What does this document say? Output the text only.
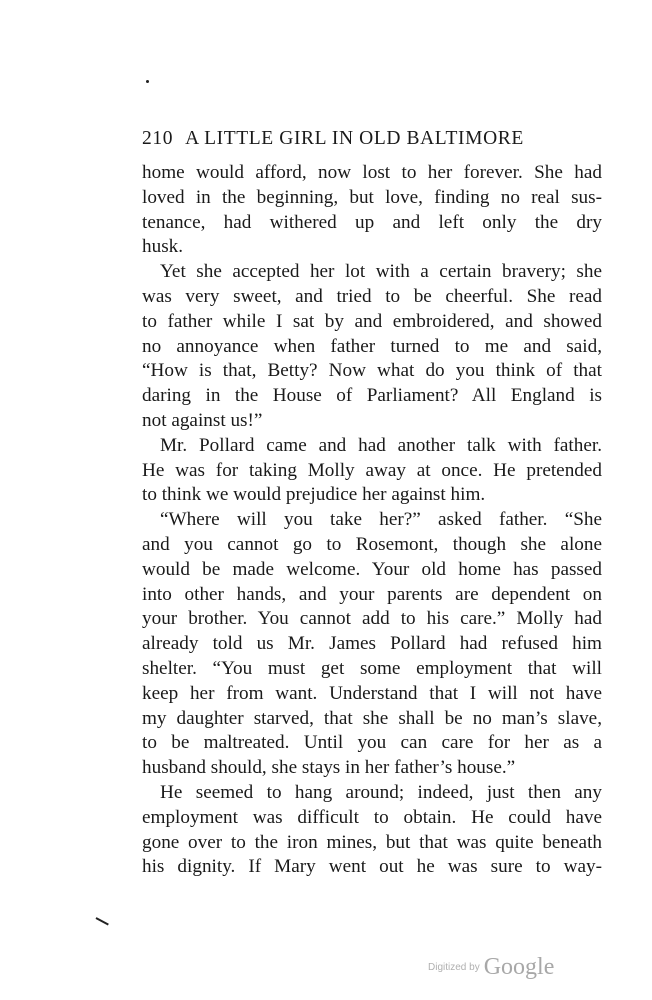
210 A LITTLE GIRL IN OLD BALTIMORE
home would afford, now lost to her forever. She had
loved in the beginning, but love, finding no real sus-
tenance, had withered up and left only the dry
husk.
Yet she accepted her lot with a certain bravery; she
was very sweet, and tried to be cheerful. She read
to father while I sat by and embroidered, and showed
no annoyance when father turned to me and said,
“How is that, Betty? Now what do you think of that
daring in the House of Parliament? All England is
not against us!”
Mr. Pollard came and had another talk with father.
He was for taking Molly away at once. He pretended
to think we would prejudice her against him.
“Where will you take her?” asked father. “She
and you cannot go to Rosemont, though she alone
would be made welcome. Your old home has passed
into other hands, and your parents are dependent on
your brother. You cannot add to his care.” Molly had
already told us Mr. James Pollard had refused him
shelter. “You must get some employment that will
keep her from want. Understand that I will not have
my daughter starved, that she shall be no man’s slave,
to be maltreated. Until you can care for her as a
husband should, she stays in her father’s house.”
He seemed to hang around; indeed, just then any
employment was difficult to obtain. He could have
gone over to the iron mines, but that was quite beneath
his dignity. If Mary went out he was sure to way-
Digitized by Google
